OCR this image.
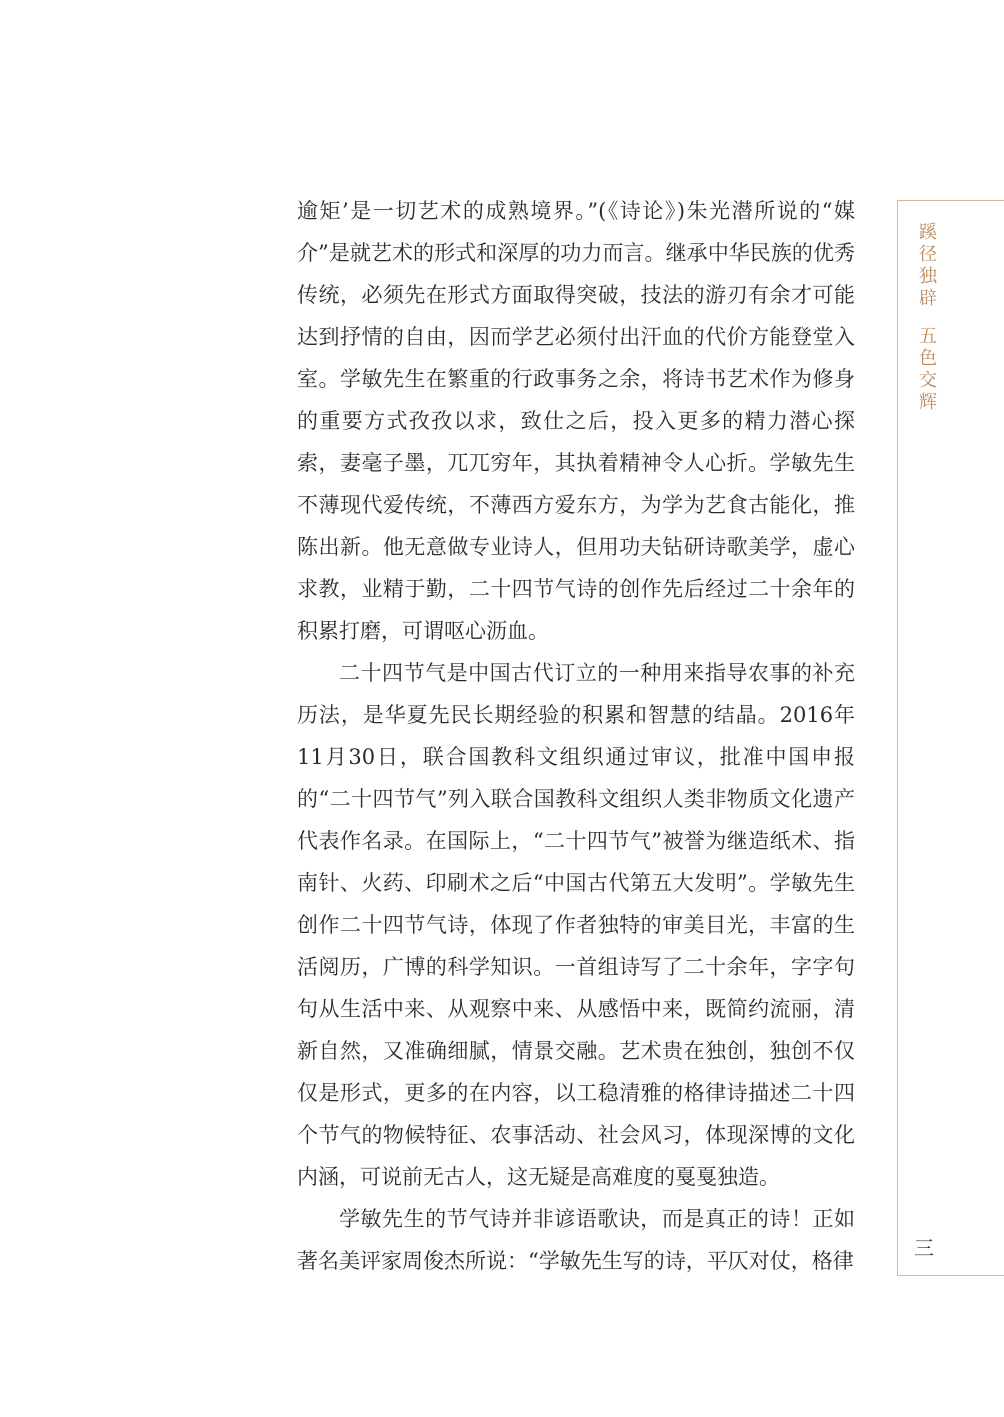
逾矩’是一切艺术的成熟境界。”(《诗论》)朱光潜所说的“媒介”是就艺术的形式和深厚的功力而言。继承中华民族的优秀传统，必须先在形式方面取得突破，技法的游刃有余才可能达到抒情的自由，因而学艺必须付出汗血的代价方能登堂入室。学敏先生在繁重的行政事务之余，将诗书艺术作为修身的重要方式孜孜以求，致仕之后，投入更多的精力潜心探索，妻毫子墨，兀兀穷年，其执着精神令人心折。学敏先生不薄现代爱传统，不薄西方爱东方，为学为艺食古能化，推陈出新。他无意做专业诗人，但用功夫钻研诗歌美学，虚心求教，业精于勤，二十四节气诗的创作先后经过二十余年的积累打磨，可谓呕心沥血。

二十四节气是中国古代订立的一种用来指导农事的补充历法，是华夏先民长期经验的积累和智慧的结晶。2016年11月30日，联合国教科文组织通过审议，批准中国申报的“二十四节气”列入联合国教科文组织人类非物质文化遗产代表作名录。在国际上，“二十四节气”被誉为继造纸术、指南针、火药、印刷术之后“中国古代第五大发明”。学敏先生创作二十四节气诗，体现了作者独特的审美目光，丰富的生活阅历，广博的科学知识。一首组诗写了二十余年，字字句句从生活中来、从观察中来、从感悟中来，既简约流丽，清新自然，又准确细腻，情景交融。艺术贵在独创，独创不仅仅是形式，更多的在内容，以工稳清雅的格律诗描述二十四个节气的物候特征、农事活动、社会风习，体现深博的文化内涵，可说前无古人，这无疑是高难度的戛戛独造。

学敏先生的节气诗并非谚语歌诀，而是真正的诗！正如著名美评家周俊杰所说：“学敏先生写的诗，平仄对仗，格律

蹊径独辟五色交辉
三
